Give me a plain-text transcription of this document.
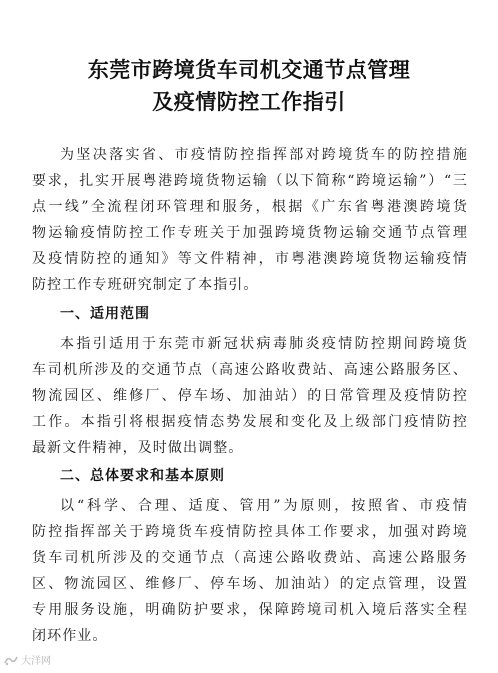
东莞市跨境货车司机交通节点管理
及疫情防控工作指引
为坚决落实省、市疫情防控指挥部对跨境货车的防控措施
要求，扎实开展粤港跨境货物运输（以下简称“跨境运输”）“三
点一线”全流程闭环管理和服务，根据《广东省粤港澳跨境货
物运输疫情防控工作专班关于加强跨境货物运输交通节点管理
及疫情防控的通知》等文件精神，市粤港澳跨境货物运输疫情
防控工作专班研究制定了本指引。
一、适用范围
本指引适用于东莞市新冠状病毒肺炎疫情防控期间跨境货
车司机所涉及的交通节点（高速公路收费站、高速公路服务区、
物流园区、维修厂、停车场、加油站）的日常管理及疫情防控
工作。本指引将根据疫情态势发展和变化及上级部门疫情防控
最新文件精神，及时做出调整。
二、总体要求和基本原则
以“科学、合理、适度、管用”为原则，按照省、市疫情
防控指挥部关于跨境货车疫情防控具体工作要求，加强对跨境
货车司机所涉及的交通节点（高速公路收费站、高速公路服务
区、物流园区、维修厂、停车场、加油站）的定点管理，设置
专用服务设施，明确防护要求，保障跨境司机入境后落实全程
闭环作业。
大洋网
